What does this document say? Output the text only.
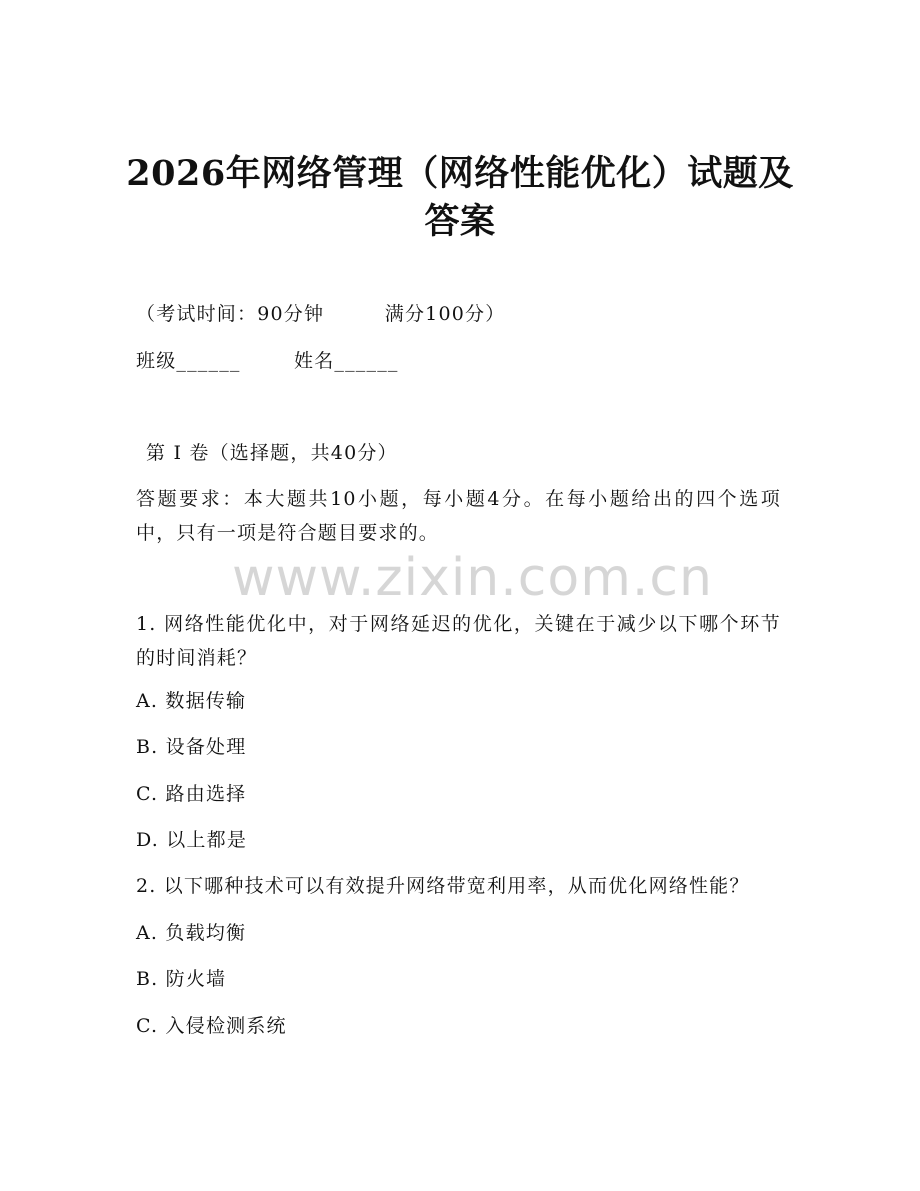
2026年网络管理（网络性能优化）试题及答案
（考试时间：90分钟　　　满分100分）
班级______	姓名______
第 I 卷（选择题，共40分）
答题要求：本大题共10小题，每小题4分。在每小题给出的四个选项中，只有一项是符合题目要求的。
www.zixin.com.cn
1. 网络性能优化中，对于网络延迟的优化，关键在于减少以下哪个环节的时间消耗？
A. 数据传输
B. 设备处理
C. 路由选择
D. 以上都是
2. 以下哪种技术可以有效提升网络带宽利用率，从而优化网络性能？
A. 负载均衡
B. 防火墙
C. 入侵检测系统
